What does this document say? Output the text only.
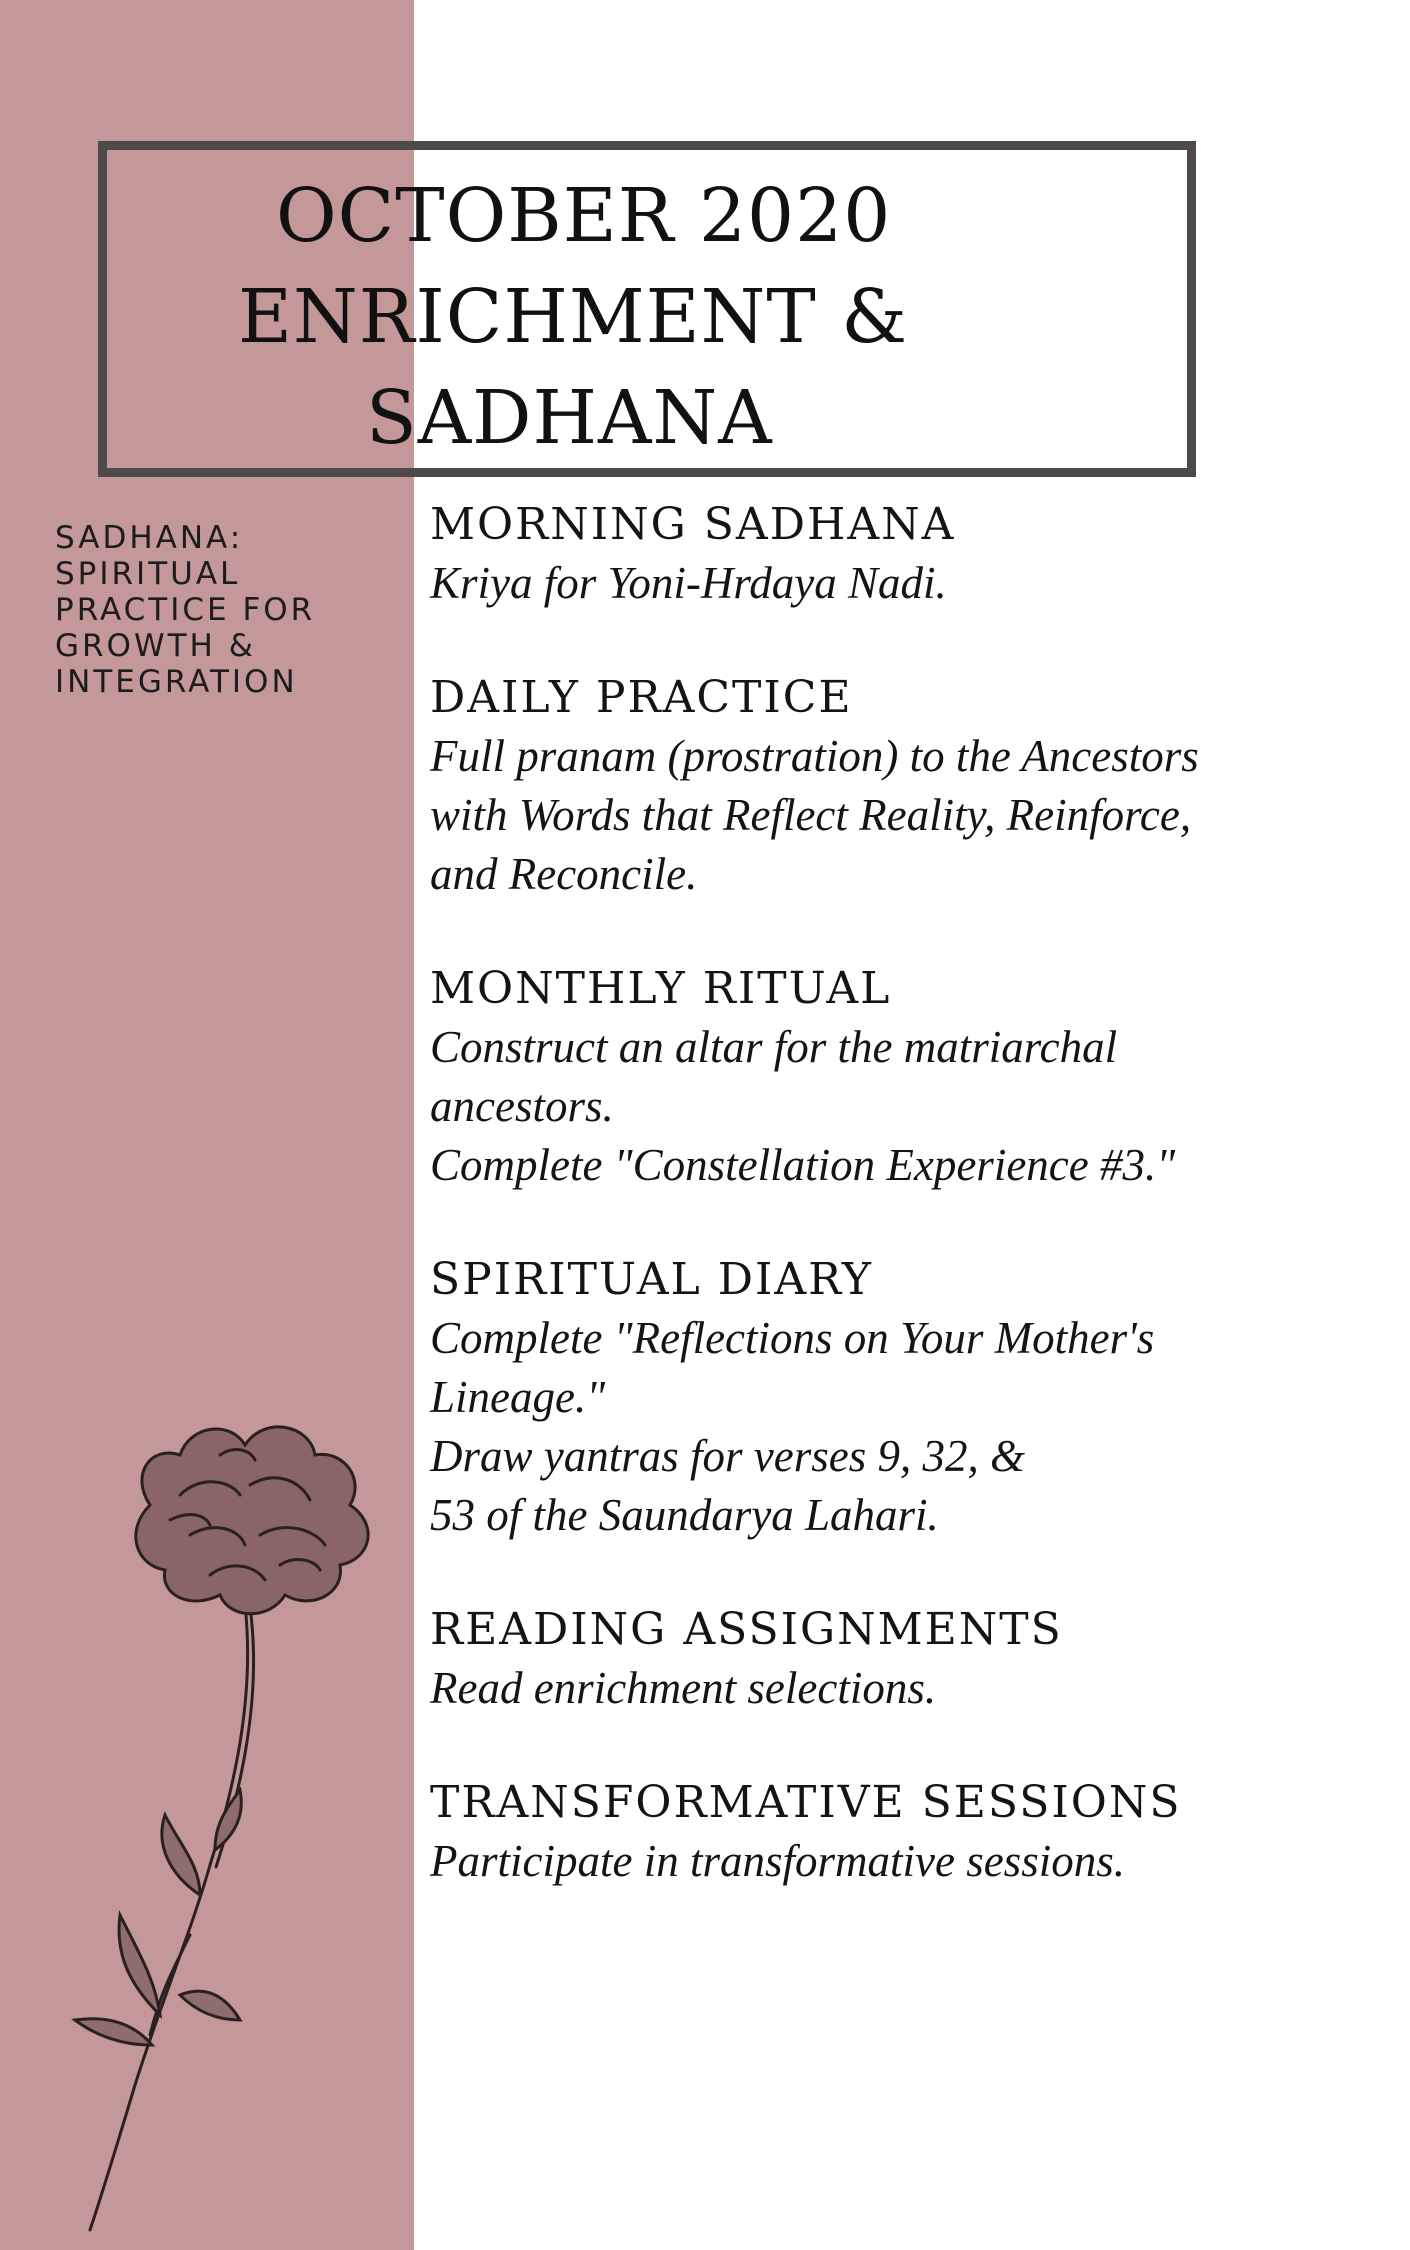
OCTOBER 2020
ENRICHMENT &
SADHANA
SADHANA: SPIRITUAL PRACTICE FOR GROWTH & INTEGRATION
MORNING SADHANA
Kriya for Yoni-Hrdaya Nadi.
DAILY PRACTICE
Full pranam (prostration) to the Ancestors
with Words that Reflect Reality, Reinforce,
and Reconcile.
MONTHLY RITUAL
Construct an altar for the matriarchal
ancestors.
Complete "Constellation Experience #3."
SPIRITUAL DIARY
Complete "Reflections on Your Mother's
Lineage."
Draw yantras for verses 9, 32, &
53 of the Saundarya Lahari.
READING ASSIGNMENTS
Read enrichment selections.
TRANSFORMATIVE SESSIONS
Participate in transformative sessions.
